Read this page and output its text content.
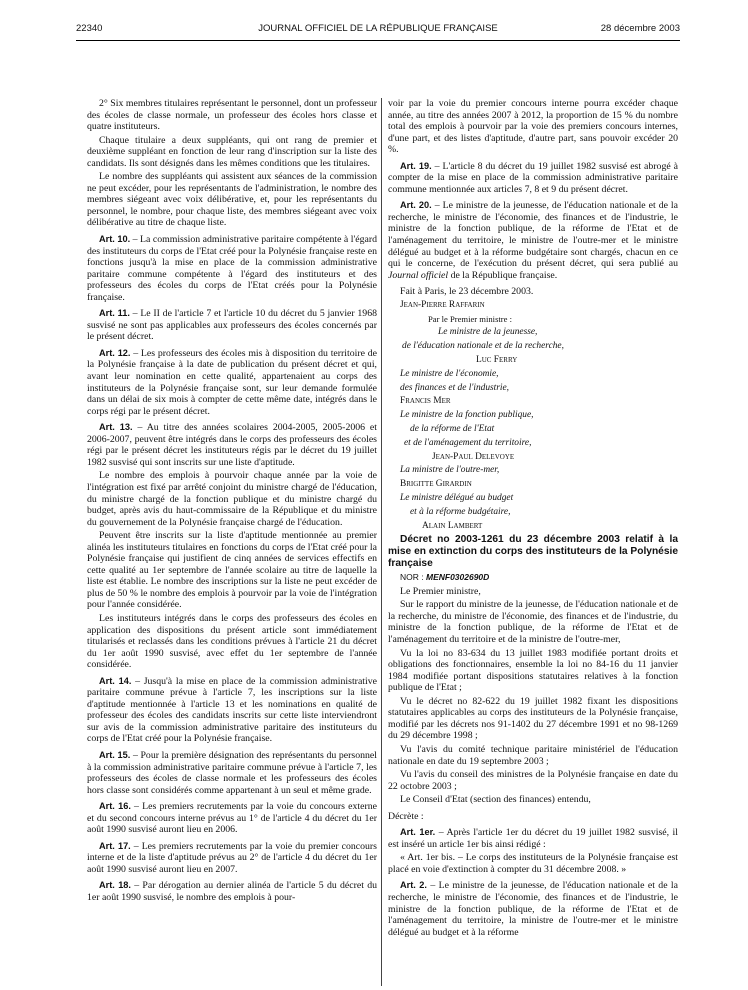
22340	JOURNAL OFFICIEL DE LA RÉPUBLIQUE FRANÇAISE	28 décembre 2003

2° Six membres titulaires représentant le personnel, dont un professeur des écoles de classe normale, un professeur des écoles hors classe et quatre instituteurs.

Chaque titulaire a deux suppléants, qui ont rang de premier et deuxième suppléant en fonction de leur rang d'inscription sur la liste des candidats. Ils sont désignés dans les mêmes conditions que les titulaires.

Le nombre des suppléants qui assistent aux séances de la commission ne peut excéder, pour les représentants de l'administration, le nombre des membres siégeant avec voix délibérative, et, pour les représentants du personnel, le nombre, pour chaque liste, des membres siégeant avec voix délibérative au titre de chaque liste.

Art. 10. – La commission administrative paritaire compétente à l'égard des instituteurs du corps de l'Etat créé pour la Polynésie française reste en fonctions jusqu'à la mise en place de la commission administrative paritaire commune compétente à l'égard des instituteurs et des professeurs des écoles du corps de l'Etat créés pour la Polynésie française.

Art. 11. – Le II de l'article 7 et l'article 10 du décret du 5 janvier 1968 susvisé ne sont pas applicables aux professeurs des écoles concernés par le présent décret.

Art. 12. – Les professeurs des écoles mis à disposition du territoire de la Polynésie française à la date de publication du présent décret et qui, avant leur nomination en cette qualité, appartenaient au corps des instituteurs de la Polynésie française sont, sur leur demande formulée dans un délai de six mois à compter de cette même date, intégrés dans le corps régi par le présent décret.

Art. 13. – Au titre des années scolaires 2004-2005, 2005-2006 et 2006-2007, peuvent être intégrés dans le corps des professeurs des écoles régi par le présent décret les instituteurs régis par le décret du 19 juillet 1982 susvisé qui sont inscrits sur une liste d'aptitude.

Le nombre des emplois à pourvoir chaque année par la voie de l'intégration est fixé par arrêté conjoint du ministre chargé de l'éducation, du ministre chargé de la fonction publique et du ministre chargé du budget, après avis du haut-commissaire de la République et du ministre du gouvernement de la Polynésie française chargé de l'éducation.

Peuvent être inscrits sur la liste d'aptitude mentionnée au premier alinéa les instituteurs titulaires en fonctions du corps de l'Etat créé pour la Polynésie française qui justifient de cinq années de services effectifs en cette qualité au 1er septembre de l'année scolaire au titre de laquelle la liste est établie. Le nombre des inscriptions sur la liste ne peut excéder de plus de 50 % le nombre des emplois à pourvoir par la voie de l'intégration pour l'année considérée.

Les instituteurs intégrés dans le corps des professeurs des écoles en application des dispositions du présent article sont immédiatement titularisés et reclassés dans les conditions prévues à l'article 21 du décret du 1er août 1990 susvisé, avec effet du 1er septembre de l'année considérée.

Art. 14. – Jusqu'à la mise en place de la commission administrative paritaire commune prévue à l'article 7, les inscriptions sur la liste d'aptitude mentionnée à l'article 13 et les nominations en qualité de professeur des écoles des candidats inscrits sur cette liste interviendront sur avis de la commission administrative paritaire des instituteurs du corps de l'Etat créé pour la Polynésie française.

Art. 15. – Pour la première désignation des représentants du personnel à la commission administrative paritaire commune prévue à l'article 7, les professeurs des écoles de classe normale et les professeurs des écoles hors classe sont considérés comme appartenant à un seul et même grade.

Art. 16. – Les premiers recrutements par la voie du concours externe et du second concours interne prévus au 1° de l'article 4 du décret du 1er août 1990 susvisé auront lieu en 2006.

Art. 17. – Les premiers recrutements par la voie du premier concours interne et de la liste d'aptitude prévus au 2° de l'article 4 du décret du 1er août 1990 susvisé auront lieu en 2007.

Art. 18. – Par dérogation au dernier alinéa de l'article 5 du décret du 1er août 1990 susvisé, le nombre des emplois à pour-

voir par la voie du premier concours interne pourra excéder chaque année, au titre des années 2007 à 2012, la proportion de 15 % du nombre total des emplois à pourvoir par la voie des premiers concours internes, d'une part, et des listes d'aptitude, d'autre part, sans pouvoir excéder 20 %.

Art. 19. – L'article 8 du décret du 19 juillet 1982 susvisé est abrogé à compter de la mise en place de la commission administrative paritaire commune mentionnée aux articles 7, 8 et 9 du présent décret.

Art. 20. – Le ministre de la jeunesse, de l'éducation nationale et de la recherche, le ministre de l'économie, des finances et de l'industrie, le ministre de la fonction publique, de la réforme de l'Etat et de l'aménagement du territoire, le ministre de l'outre-mer et le ministre délégué au budget et à la réforme budgétaire sont chargés, chacun en ce qui le concerne, de l'exécution du présent décret, qui sera publié au Journal officiel de la République française.

Fait à Paris, le 23 décembre 2003.

Jean-Pierre Raffarin

Par le Premier ministre :

Le ministre de la jeunesse,

de l'éducation nationale et de la recherche,

Luc Ferry

Le ministre de l'économie,

des finances et de l'industrie,

Francis Mer

Le ministre de la fonction publique,

de la réforme de l'Etat

et de l'aménagement du territoire,

Jean-Paul Delevoye

La ministre de l'outre-mer,

Brigitte Girardin

Le ministre délégué au budget

et à la réforme budgétaire,

Alain Lambert

Décret no 2003-1261 du 23 décembre 2003 relatif à la mise en extinction du corps des instituteurs de la Polynésie française

NOR : MENF0302690D

Le Premier ministre,

Sur le rapport du ministre de la jeunesse, de l'éducation nationale et de la recherche, du ministre de l'économie, des finances et de l'industrie, du ministre de la fonction publique, de la réforme de l'Etat et de l'aménagement du territoire et de la ministre de l'outre-mer,

Vu la loi no 83-634 du 13 juillet 1983 modifiée portant droits et obligations des fonctionnaires, ensemble la loi no 84-16 du 11 janvier 1984 modifiée portant dispositions statutaires relatives à la fonction publique de l'Etat ;

Vu le décret no 82-622 du 19 juillet 1982 fixant les dispositions statutaires applicables au corps des instituteurs de la Polynésie française, modifié par les décrets nos 91-1402 du 27 décembre 1991 et no 98-1269 du 29 décembre 1998 ;

Vu l'avis du comité technique paritaire ministériel de l'éducation nationale en date du 19 septembre 2003 ;

Vu l'avis du conseil des ministres de la Polynésie française en date du 22 octobre 2003 ;

Le Conseil d'Etat (section des finances) entendu,

Décrète :

Art. 1er. – Après l'article 1er du décret du 19 juillet 1982 susvisé, il est inséré un article 1er bis ainsi rédigé :

« Art. 1er bis. – Le corps des instituteurs de la Polynésie française est placé en voie d'extinction à compter du 31 décembre 2008. »

Art. 2. – Le ministre de la jeunesse, de l'éducation nationale et de la recherche, le ministre de l'économie, des finances et de l'industrie, le ministre de la fonction publique, de la réforme de l'Etat et de l'aménagement du territoire, la ministre de l'outre-mer et le ministre délégué au budget et à la réforme
